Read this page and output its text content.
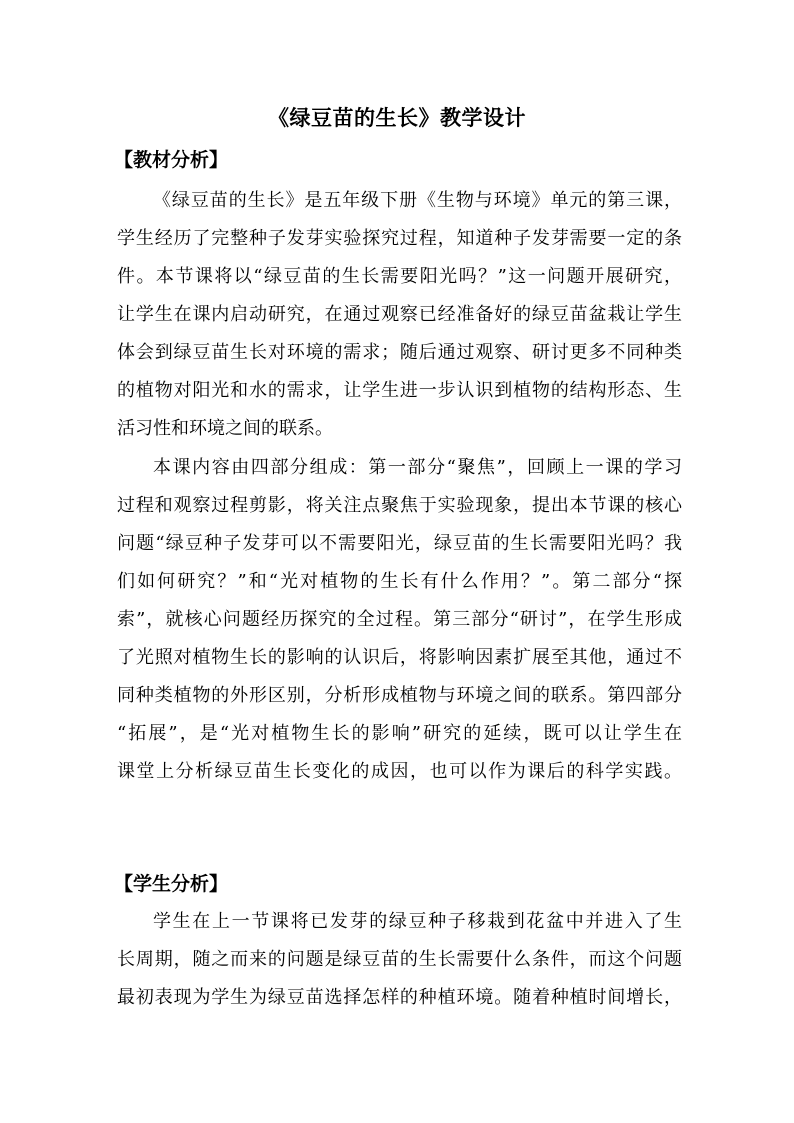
《绿豆苗的生长》教学设计
【教材分析】
《绿豆苗的生长》是五年级下册《生物与环境》单元的第三课，
学生经历了完整种子发芽实验探究过程，知道种子发芽需要一定的条
件。本节课将以“绿豆苗的生长需要阳光吗？”这一问题开展研究，
让学生在课内启动研究，在通过观察已经准备好的绿豆苗盆栽让学生
体会到绿豆苗生长对环境的需求；随后通过观察、研讨更多不同种类
的植物对阳光和水的需求，让学生进一步认识到植物的结构形态、生
活习性和环境之间的联系。
本课内容由四部分组成：第一部分“聚焦”，回顾上一课的学习
过程和观察过程剪影，将关注点聚焦于实验现象，提出本节课的核心
问题“绿豆种子发芽可以不需要阳光，绿豆苗的生长需要阳光吗？我
们如何研究？”和“光对植物的生长有什么作用？”。第二部分“探
索”，就核心问题经历探究的全过程。第三部分“研讨”，在学生形成
了光照对植物生长的影响的认识后，将影响因素扩展至其他，通过不
同种类植物的外形区别，分析形成植物与环境之间的联系。第四部分
“拓展”，是“光对植物生长的影响”研究的延续，既可以让学生在
课堂上分析绿豆苗生长变化的成因，也可以作为课后的科学实践。
【学生分析】
学生在上一节课将已发芽的绿豆种子移栽到花盆中并进入了生
长周期，随之而来的问题是绿豆苗的生长需要什么条件，而这个问题
最初表现为学生为绿豆苗选择怎样的种植环境。随着种植时间增长，
